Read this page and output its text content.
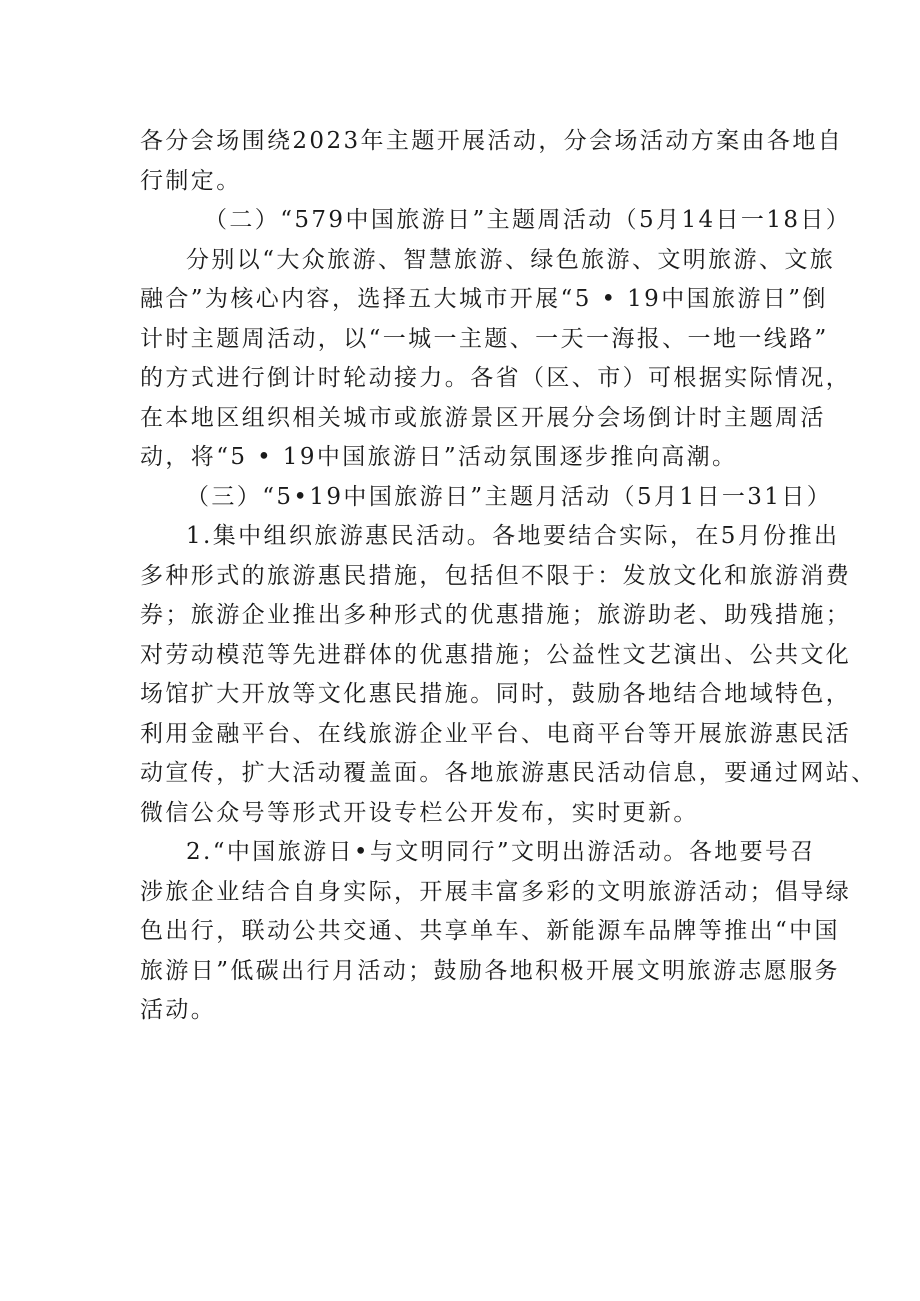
各分会场围绕2023年主题开展活动，分会场活动方案由各地自
行制定。
（二）“579中国旅游日”主题周活动（5月14日一18日）
分别以“大众旅游、智慧旅游、绿色旅游、文明旅游、文旅
融合”为核心内容，选择五大城市开展“5 • 19中国旅游日”倒
计时主题周活动，以“一城一主题、一天一海报、一地一线路”
的方式进行倒计时轮动接力。各省（区、市）可根据实际情况，
在本地区组织相关城市或旅游景区开展分会场倒计时主题周活
动，将“5 • 19中国旅游日”活动氛围逐步推向高潮。
（三）“5•19中国旅游日”主题月活动（5月1日一31日）
1.集中组织旅游惠民活动。各地要结合实际，在5月份推出
多种形式的旅游惠民措施，包括但不限于：发放文化和旅游消费
券；旅游企业推出多种形式的优惠措施；旅游助老、助残措施；
对劳动模范等先进群体的优惠措施；公益性文艺演出、公共文化
场馆扩大开放等文化惠民措施。同时，鼓励各地结合地域特色，
利用金融平台、在线旅游企业平台、电商平台等开展旅游惠民活
动宣传，扩大活动覆盖面。各地旅游惠民活动信息，要通过网站、
微信公众号等形式开设专栏公开发布，实时更新。
2.“中国旅游日•与文明同行”文明出游活动。各地要号召
涉旅企业结合自身实际，开展丰富多彩的文明旅游活动；倡导绿
色出行，联动公共交通、共享单车、新能源车品牌等推出“中国
旅游日”低碳出行月活动；鼓励各地积极开展文明旅游志愿服务
活动。
